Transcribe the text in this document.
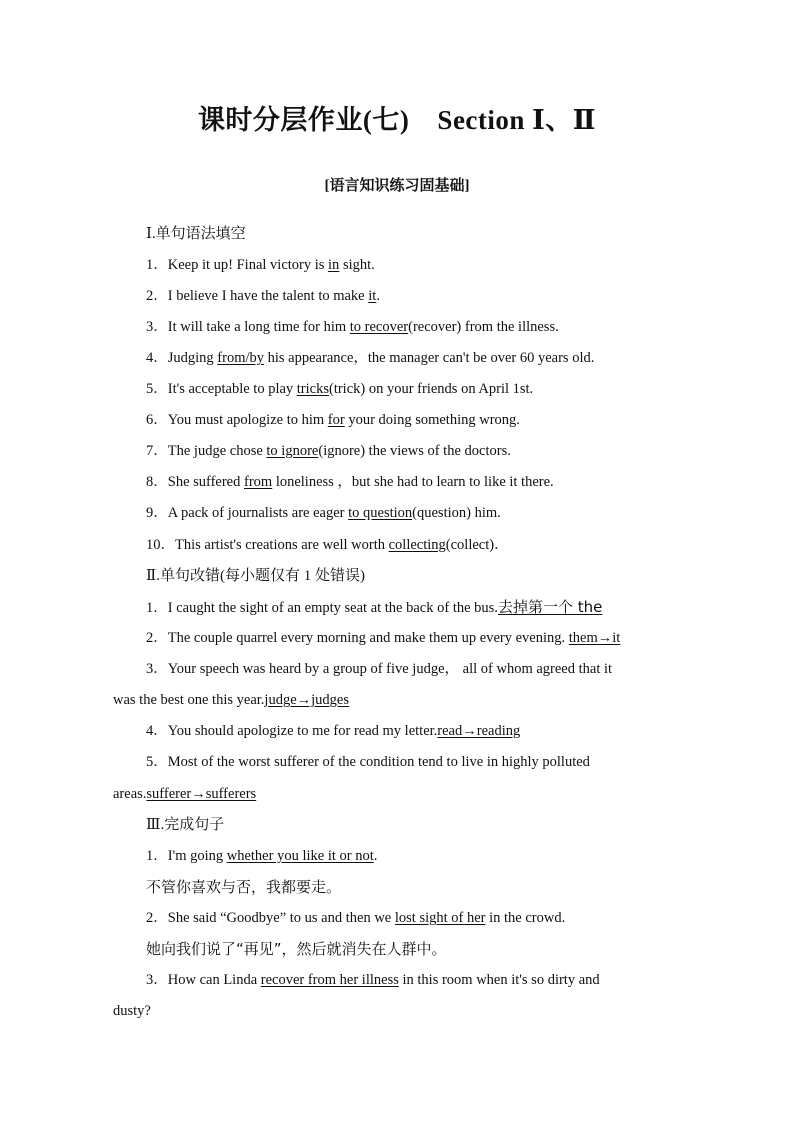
课时分层作业(七) Section Ⅰ、Ⅱ
[语言知识练习固基础]
Ⅰ.单句语法填空
1．Keep it up! Final victory is in sight.
2．I believe I have the talent to make it.
3．It will take a long time for him to recover(recover) from the illness.
4．Judging from/by his appearance，the manager can't be over 60 years old.
5．It's acceptable to play tricks(trick) on your friends on April 1st.
6．You must apologize to him for your doing something wrong.
7．The judge chose to ignore(ignore) the views of the doctors.
8．She suffered from loneliness ，but she had to learn to like it there.
9．A pack of journalists are eager to question(question) him.
10．This artist's creations are well worth collecting(collect)．
Ⅱ.单句改错(每小题仅有 1 处错误)
1．I caught the sight of an empty seat at the back of the bus.去掉第一个 the
2．The couple quarrel every morning and make them up every evening. them→it
3．Your speech was heard by a group of five judge， all of whom agreed that it
was the best one this year.judge→judges
4．You should apologize to me for read my letter.read→reading
5．Most of the worst sufferer of the condition tend to live in highly polluted
areas.sufferer→sufferers
Ⅲ.完成句子
1．I'm going whether you like it or not.
不管你喜欢与否，我都要走。
2．She said “Goodbye” to us and then we lost sight of her in the crowd.
她向我们说了“再见”，然后就消失在人群中。
3．How can Linda recover from her illness in this room when it's so dirty and
dusty?
